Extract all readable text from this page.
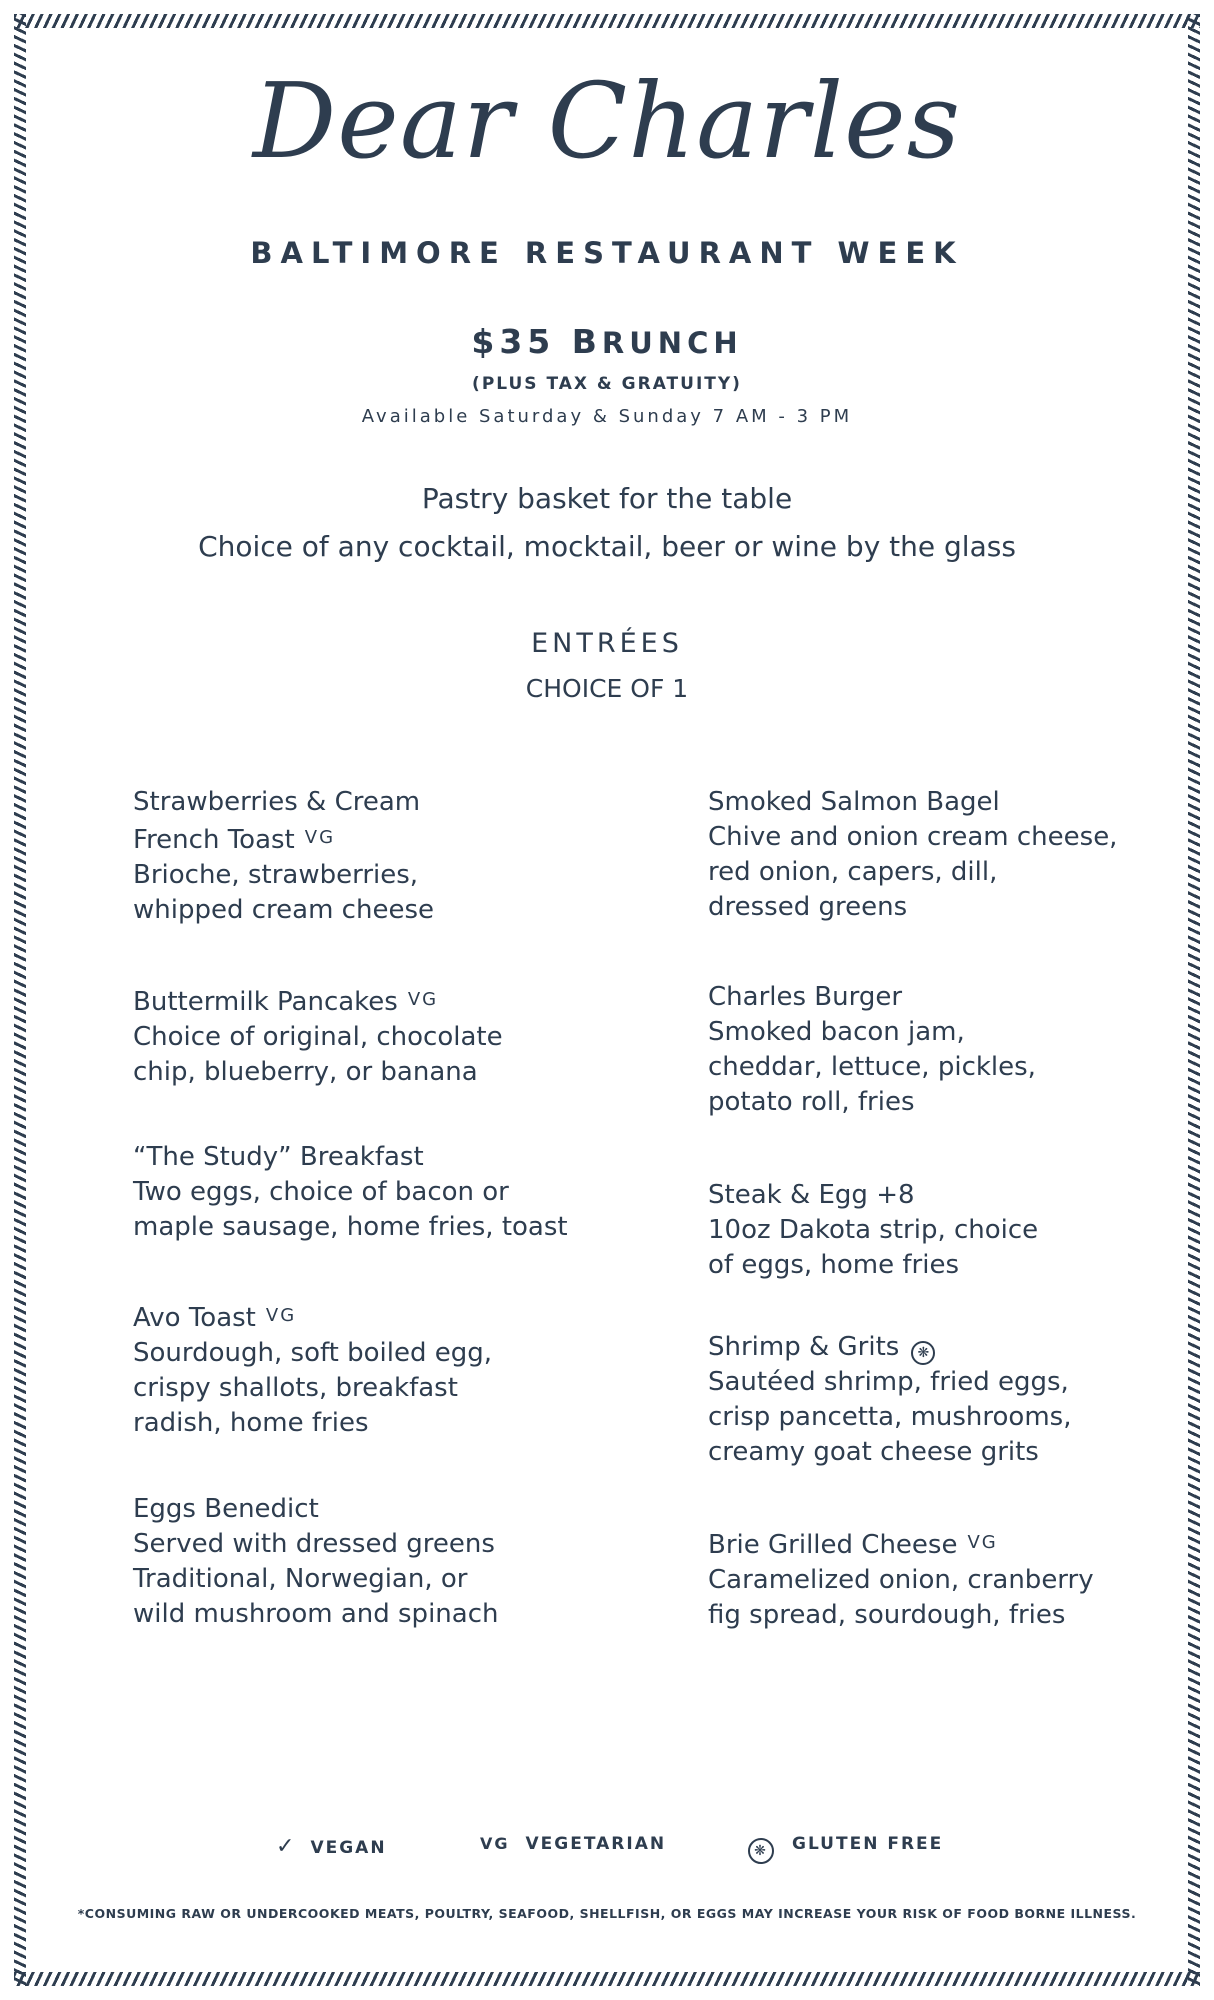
Dear Charles
BALTIMORE RESTAURANT WEEK
$35 BRUNCH
(PLUS TAX & GRATUITY)
Available Saturday & Sunday 7 AM - 3 PM
Pastry basket for the table
Choice of any cocktail, mocktail, beer or wine by the glass
ENTRÉES
CHOICE OF 1
Strawberries & Cream
French Toast VG
Brioche, strawberries,
whipped cream cheese
Buttermilk Pancakes VG
Choice of original, chocolate
chip, blueberry, or banana
“The Study” Breakfast
Two eggs, choice of bacon or
maple sausage, home fries, toast
Avo Toast VG
Sourdough, soft boiled egg,
crispy shallots, breakfast
radish, home fries
Eggs Benedict
Served with dressed greens
Traditional, Norwegian, or
wild mushroom and spinach
Smoked Salmon Bagel
Chive and onion cream cheese,
red onion, capers, dill,
dressed greens
Charles Burger
Smoked bacon jam,
cheddar, lettuce, pickles,
potato roll, fries
Steak & Egg +8
10oz Dakota strip, choice
of eggs, home fries
Shrimp & Grits ❋
Sautéed shrimp, fried eggs,
crisp pancetta, mushrooms,
creamy goat cheese grits
Brie Grilled Cheese VG
Caramelized onion, cranberry
fig spread, sourdough, fries
✓ VEGAN	VG VEGETARIAN	❋ GLUTEN FREE
*CONSUMING RAW OR UNDERCOOKED MEATS, POULTRY, SEAFOOD, SHELLFISH, OR EGGS MAY INCREASE YOUR RISK OF FOOD BORNE ILLNESS.
